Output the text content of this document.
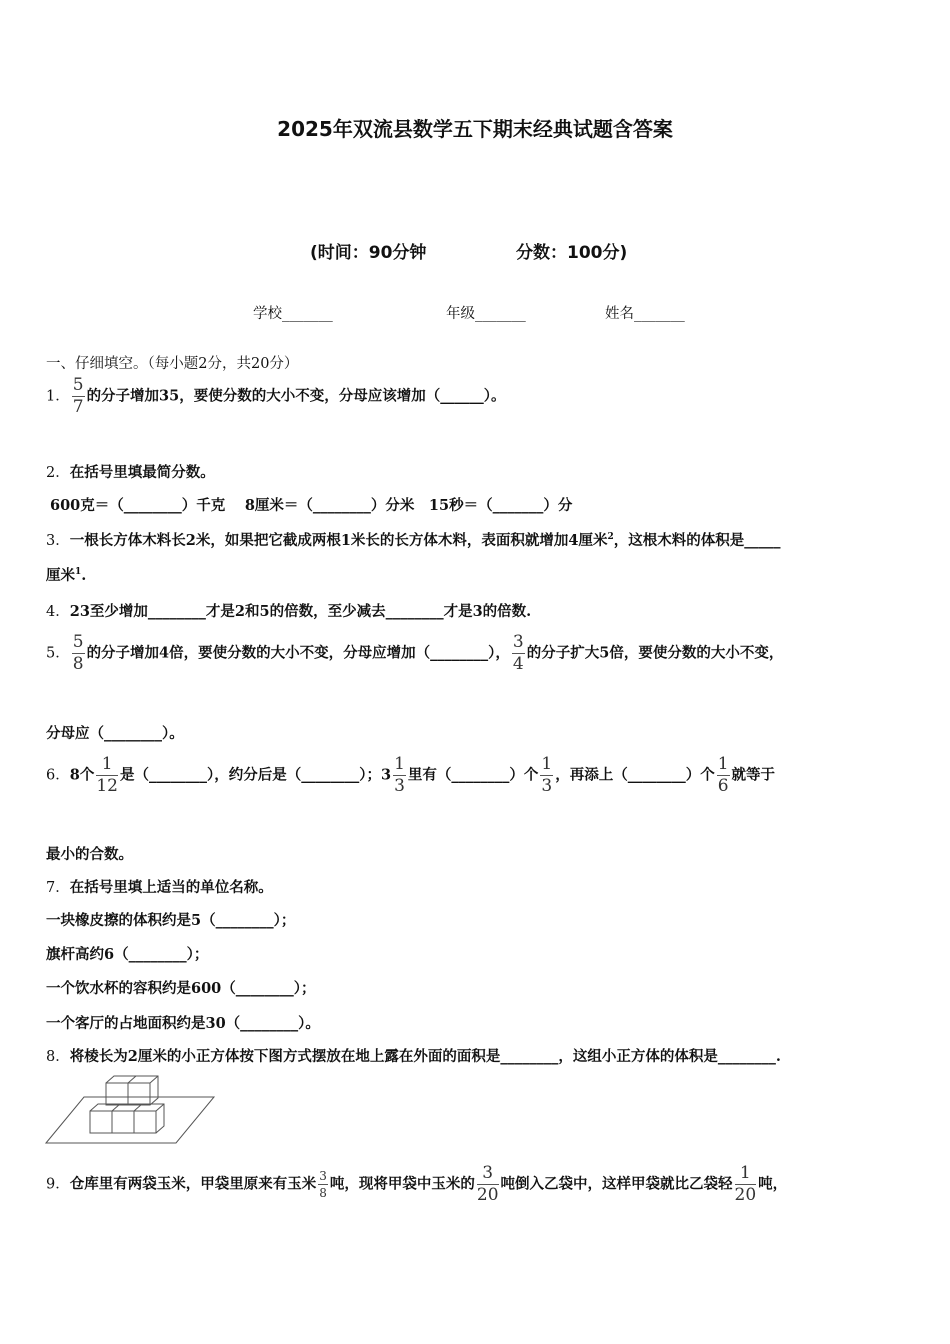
2025年双流县数学五下期末经典试题含答案
(时间：90分钟	分数：100分)
学校_______	年级_______	姓名_______
一、仔细填空。（每小题2分，共20分）
1． $\frac{5}{7}$ 的分子增加35，要使分数的大小不变，分母应该增加（______）。
2．在括号里填最简分数。
600克＝（________）千克　 8厘米＝（________）分米　15秒＝（_______）分
3．一根长方体木料长2米，如果把它截成两根1米长的长方体木料，表面积就增加4厘米$^2$，这根木料的体积是_____
厘米$^1$.
4．23至少增加________才是2和5的倍数，至少减去________才是3的倍数.
5． $\frac{5}{8}$ 的分子增加4倍，要使分数的大小不变，分母应增加（________）， $\frac{3}{4}$ 的分子扩大5倍，要使分数的大小不变，
分母应（________）。
6．8个 $\frac{1}{12}$ 是（________），约分后是（________）；$3 \frac{1}{3}$ 里有（________）个 $\frac{1}{3}$ ，再添上（________）个 $\frac{1}{6}$ 就等于
最小的合数。
7．在括号里填上适当的单位名称。
一块橡皮擦的体积约是5（________）；
旗杆高约6（________）；
一个饮水杯的容积约是600（________）；
一个客厅的占地面积约是30（________）。
8．将棱长为2厘米的小正方体按下图方式摆放在地上露在外面的面积是________，这组小正方体的体积是________.
9．仓库里有两袋玉米，甲袋里原来有玉米 $\frac{3}{8}$ 吨，现将甲袋中玉米的 $\frac{3}{20}$ 吨倒入乙袋中，这样甲袋就比乙袋轻 $\frac{1}{20}$ 吨，
